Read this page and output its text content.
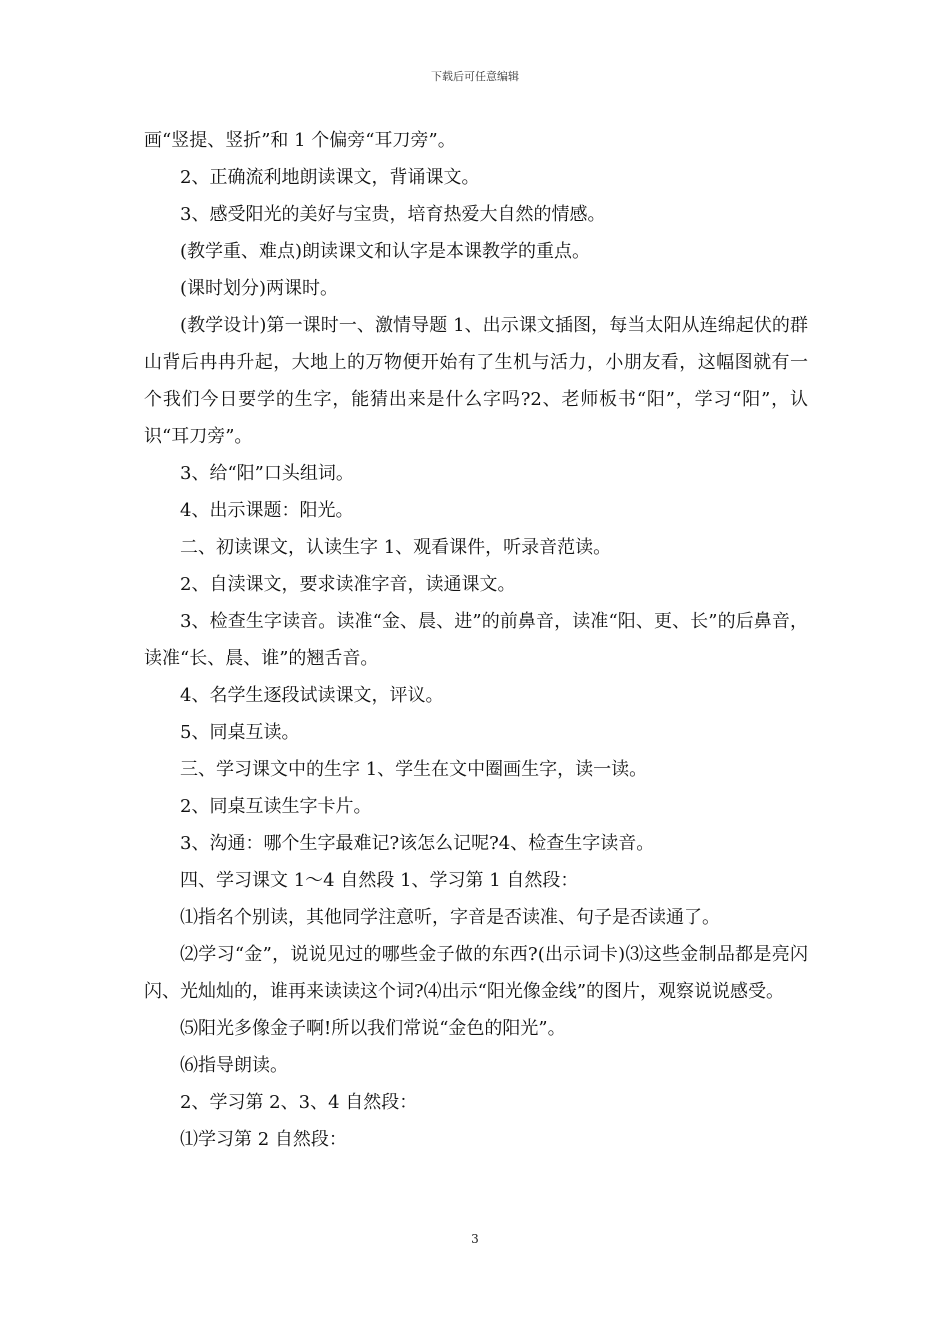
下载后可任意编辑

画“竖提、竖折”和 1 个偏旁“耳刀旁”。

2、正确流利地朗读课文，背诵课文。

3、感受阳光的美好与宝贵，培育热爱大自然的情感。

(教学重、难点)朗读课文和认字是本课教学的重点。

(课时划分)两课时。

(教学设计)第一课时一、激情导题 1、出示课文插图，每当太阳从连绵起伏的群山背后冉冉升起，大地上的万物便开始有了生机与活力，小朋友看，这幅图就有一个我们今日要学的生字，能猜出来是什么字吗?2、老师板书“阳”，学习“阳”，认识“耳刀旁”。

3、给“阳”口头组词。

4、出示课题：阳光。

二、初读课文，认读生字 1、观看课件，听录音范读。

2、自渎课文，要求读准字音，读通课文。

3、检查生字读音。读准“金、晨、进”的前鼻音，读准“阳、更、长”的后鼻音，读准“长、晨、谁”的翘舌音。

4、名学生逐段试读课文，评议。

5、同桌互读。

三、学习课文中的生字 1、学生在文中圈画生字，读一读。

2、同桌互读生字卡片。

3、沟通：哪个生字最难记?该怎么记呢?4、检查生字读音。

四、学习课文 1～4 自然段 1、学习第 1 自然段：

⑴指名个别读，其他同学注意听，字音是否读准、句子是否读通了。

⑵学习“金”，说说见过的哪些金子做的东西?(出示词卡)⑶这些金制品都是亮闪闪、光灿灿的，谁再来读读这个词?⑷出示“阳光像金线”的图片，观察说说感受。

⑸阳光多像金子啊!所以我们常说“金色的阳光”。

⑹指导朗读。

2、学习第 2、3、4 自然段：

⑴学习第 2 自然段：

3
